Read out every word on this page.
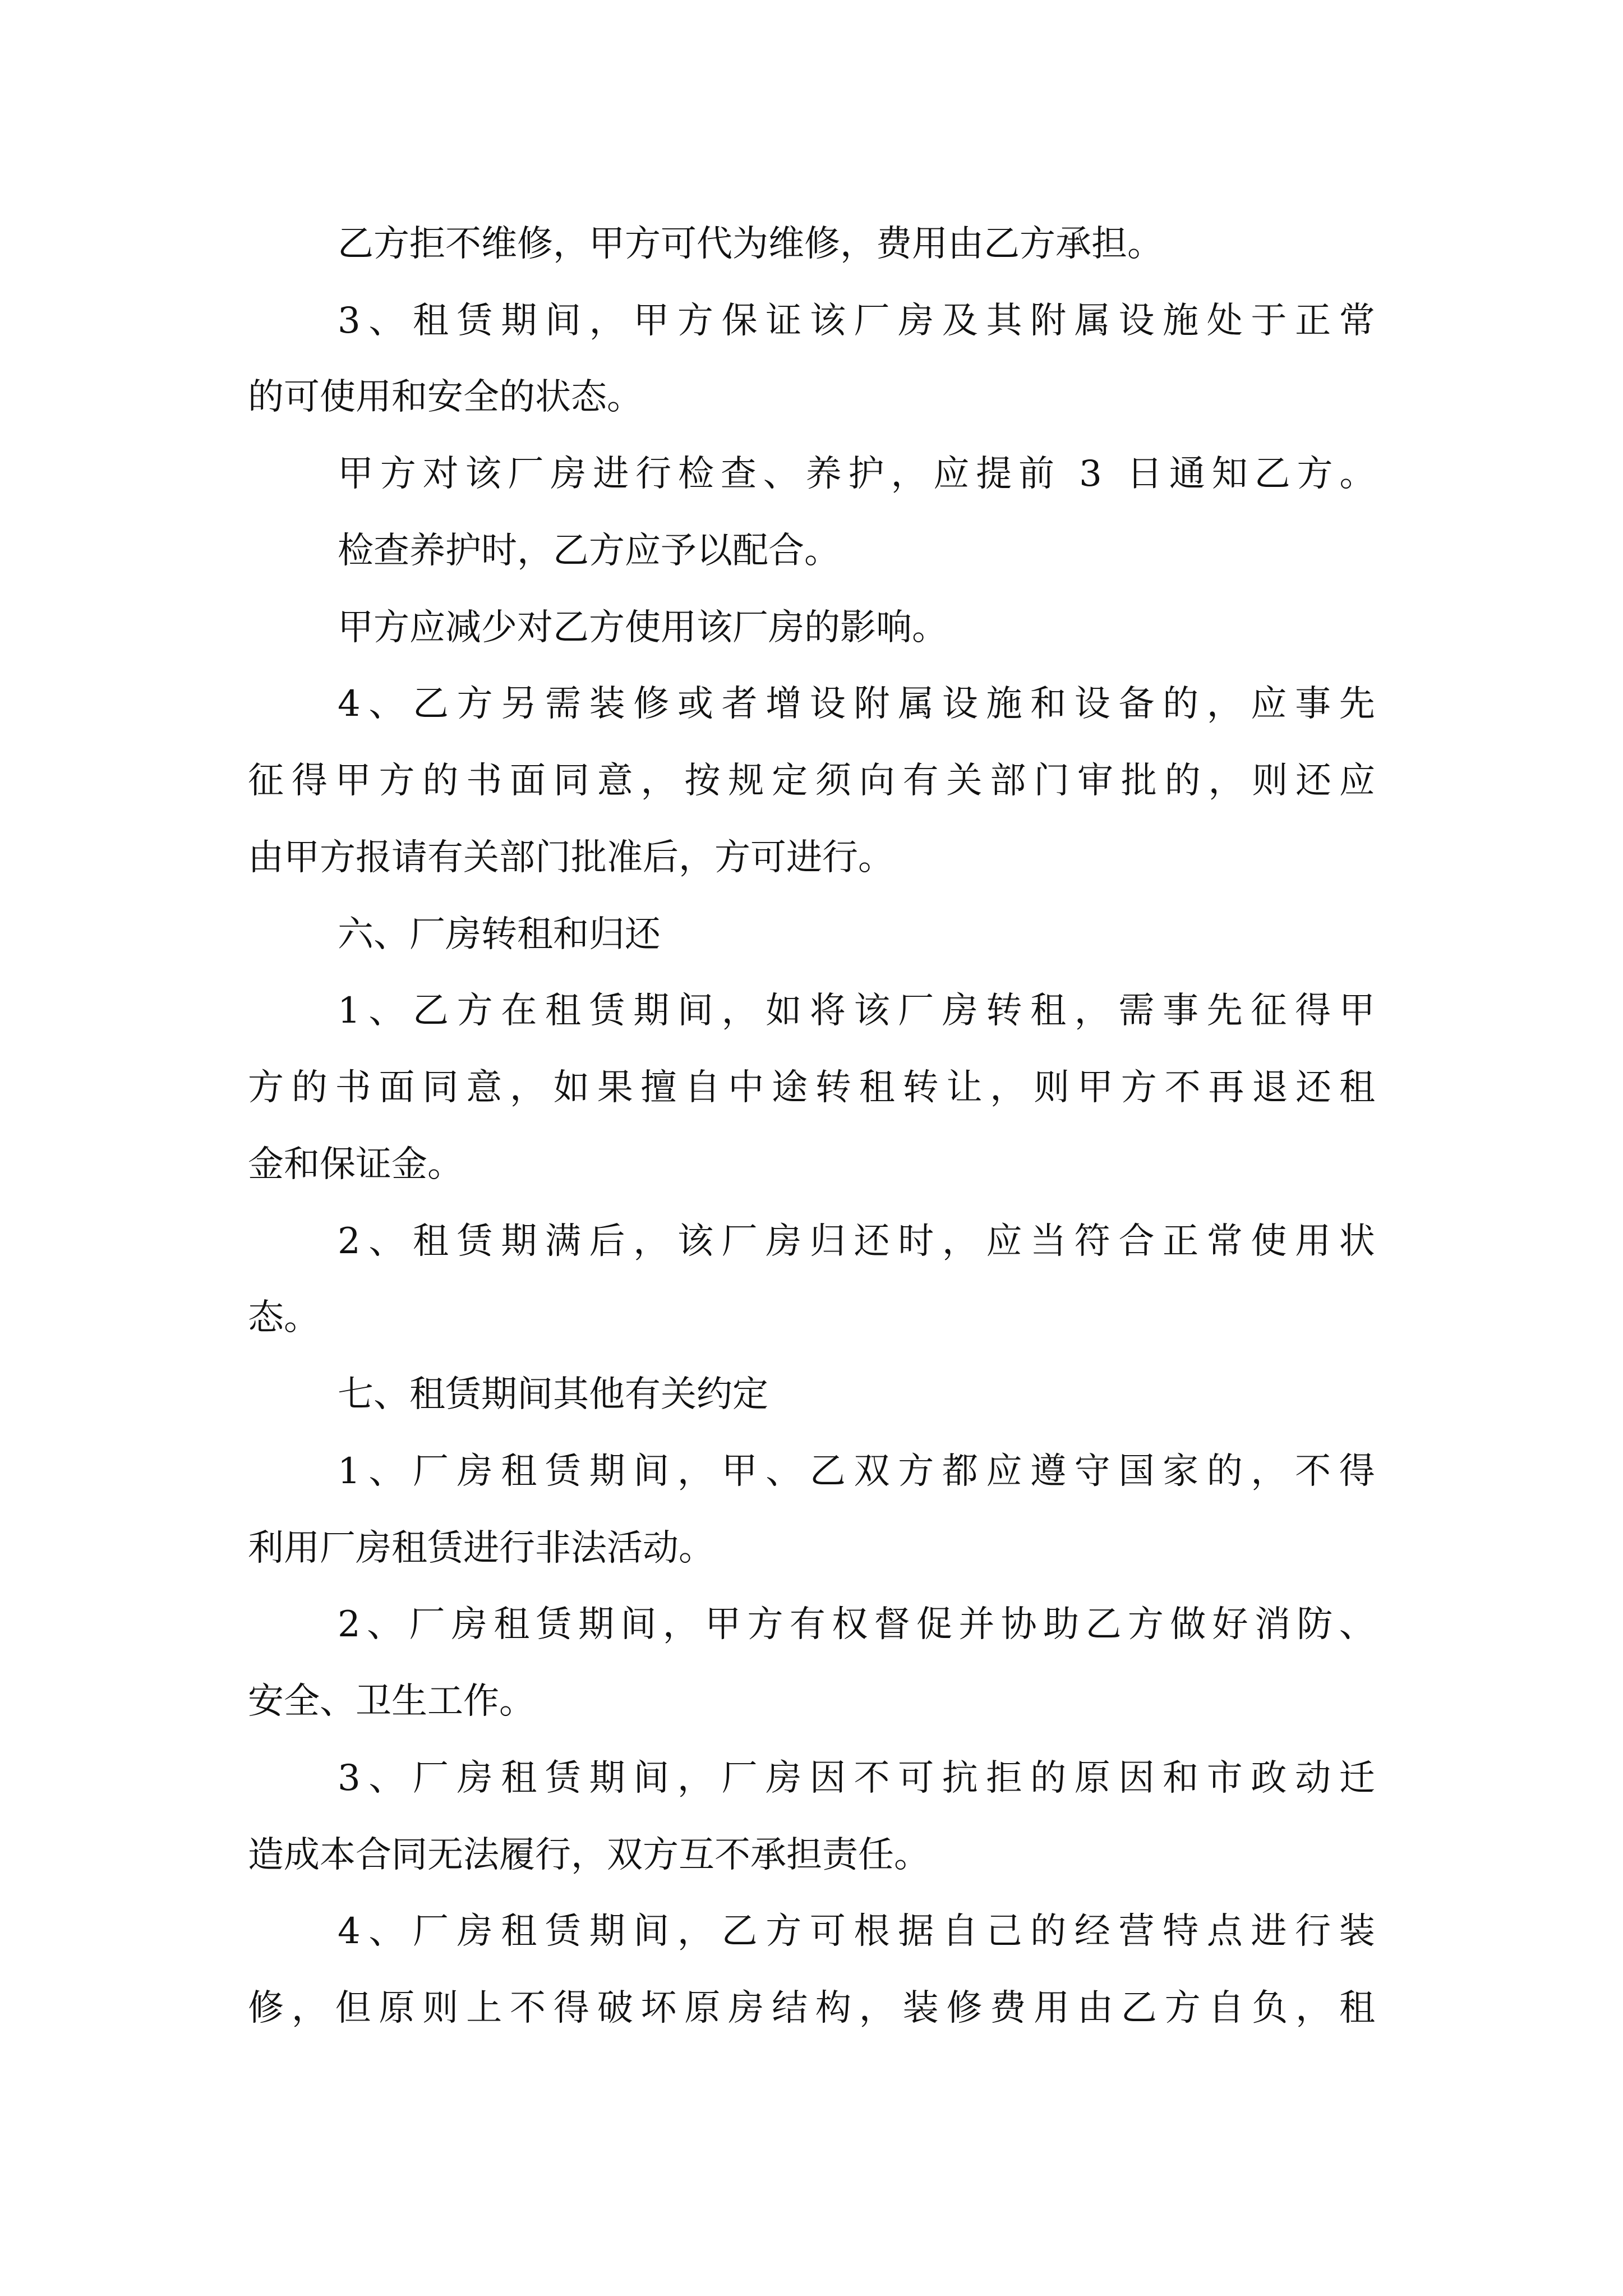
乙方拒不维修，甲方可代为维修，费用由乙方承担。

3、租赁期间，甲方保证该厂房及其附属设施处于正常

的可使用和安全的状态。

甲方对该厂房进行检查、养护，应提前 3 日通知乙方。

检查养护时，乙方应予以配合。

甲方应减少对乙方使用该厂房的影响。

4、乙方另需装修或者增设附属设施和设备的，应事先

征得甲方的书面同意，按规定须向有关部门审批的，则还应

由甲方报请有关部门批准后，方可进行。

六、厂房转租和归还

1、乙方在租赁期间，如将该厂房转租，需事先征得甲

方的书面同意，如果擅自中途转租转让，则甲方不再退还租

金和保证金。

2、租赁期满后，该厂房归还时，应当符合正常使用状

态。

七、租赁期间其他有关约定

1、厂房租赁期间，甲、乙双方都应遵守国家的，不得

利用厂房租赁进行非法活动。

2、厂房租赁期间，甲方有权督促并协助乙方做好消防、

安全、卫生工作。

3、厂房租赁期间，厂房因不可抗拒的原因和市政动迁

造成本合同无法履行，双方互不承担责任。

4、厂房租赁期间，乙方可根据自己的经营特点进行装

修，但原则上不得破坏原房结构，装修费用由乙方自负，租
